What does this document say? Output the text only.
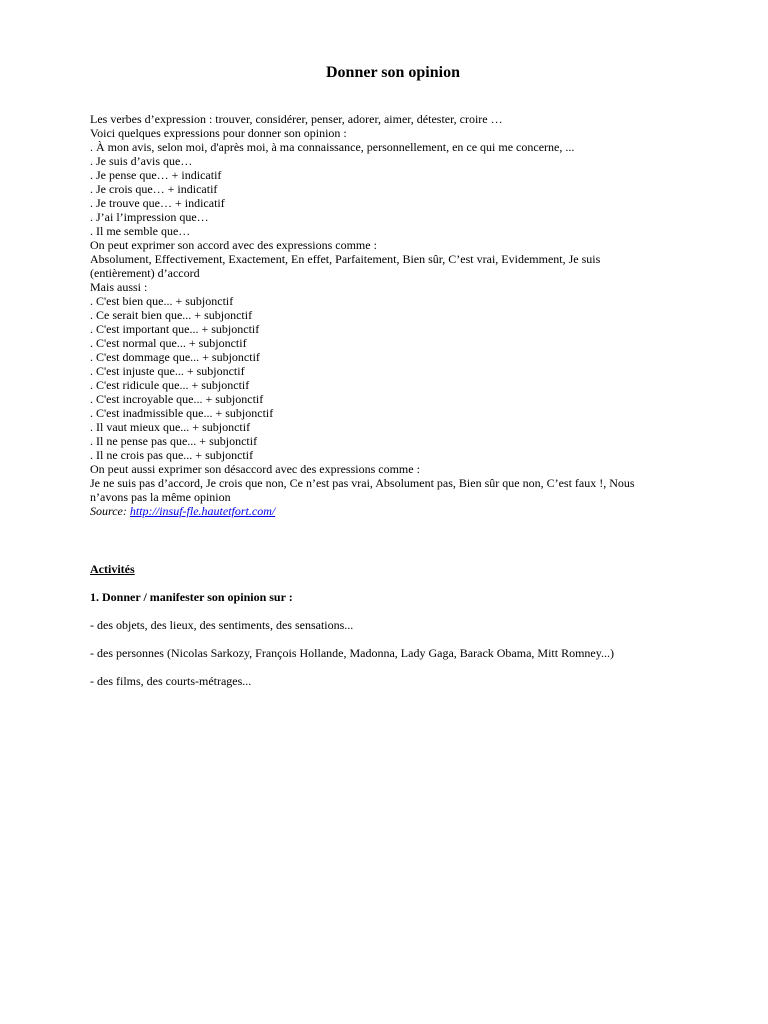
Donner son opinion
Les verbes d’expression : trouver, considérer, penser, adorer, aimer, détester, croire …
Voici quelques expressions pour donner son opinion :
. À mon avis, selon moi, d'après moi, à ma connaissance, personnellement, en ce qui me concerne, ...
. Je suis d’avis que…
. Je pense que… + indicatif
. Je crois que… + indicatif
. Je trouve que… + indicatif
. J’ai l’impression que…
. Il me semble que…
On peut exprimer son accord avec des expressions comme :
Absolument, Effectivement, Exactement, En effet, Parfaitement, Bien sûr, C’est vrai, Evidemment, Je suis
(entièrement) d’accord
Mais aussi :
. C'est bien que... + subjonctif
. Ce serait bien que... + subjonctif
. C'est important que... + subjonctif
. C'est normal que... + subjonctif
. C'est dommage que... + subjonctif
. C'est injuste que... + subjonctif
. C'est ridicule que... + subjonctif
. C'est incroyable que... + subjonctif
. C'est inadmissible que... + subjonctif
. Il vaut mieux que... + subjonctif
. Il ne pense pas que... + subjonctif
. Il ne crois pas que... + subjonctif
On peut aussi exprimer son désaccord avec des expressions comme :
Je ne suis pas d’accord, Je crois que non, Ce n’est pas vrai, Absolument pas, Bien sûr que non, C’est faux !, Nous
n’avons pas la même opinion
Source: http://insuf-fle.hautetfort.com/
Activités
1. Donner / manifester son opinion sur :
- des objets, des lieux, des sentiments, des sensations...
- des personnes (Nicolas Sarkozy, François Hollande, Madonna, Lady Gaga, Barack Obama, Mitt Romney...)
- des films, des courts-métrages...
